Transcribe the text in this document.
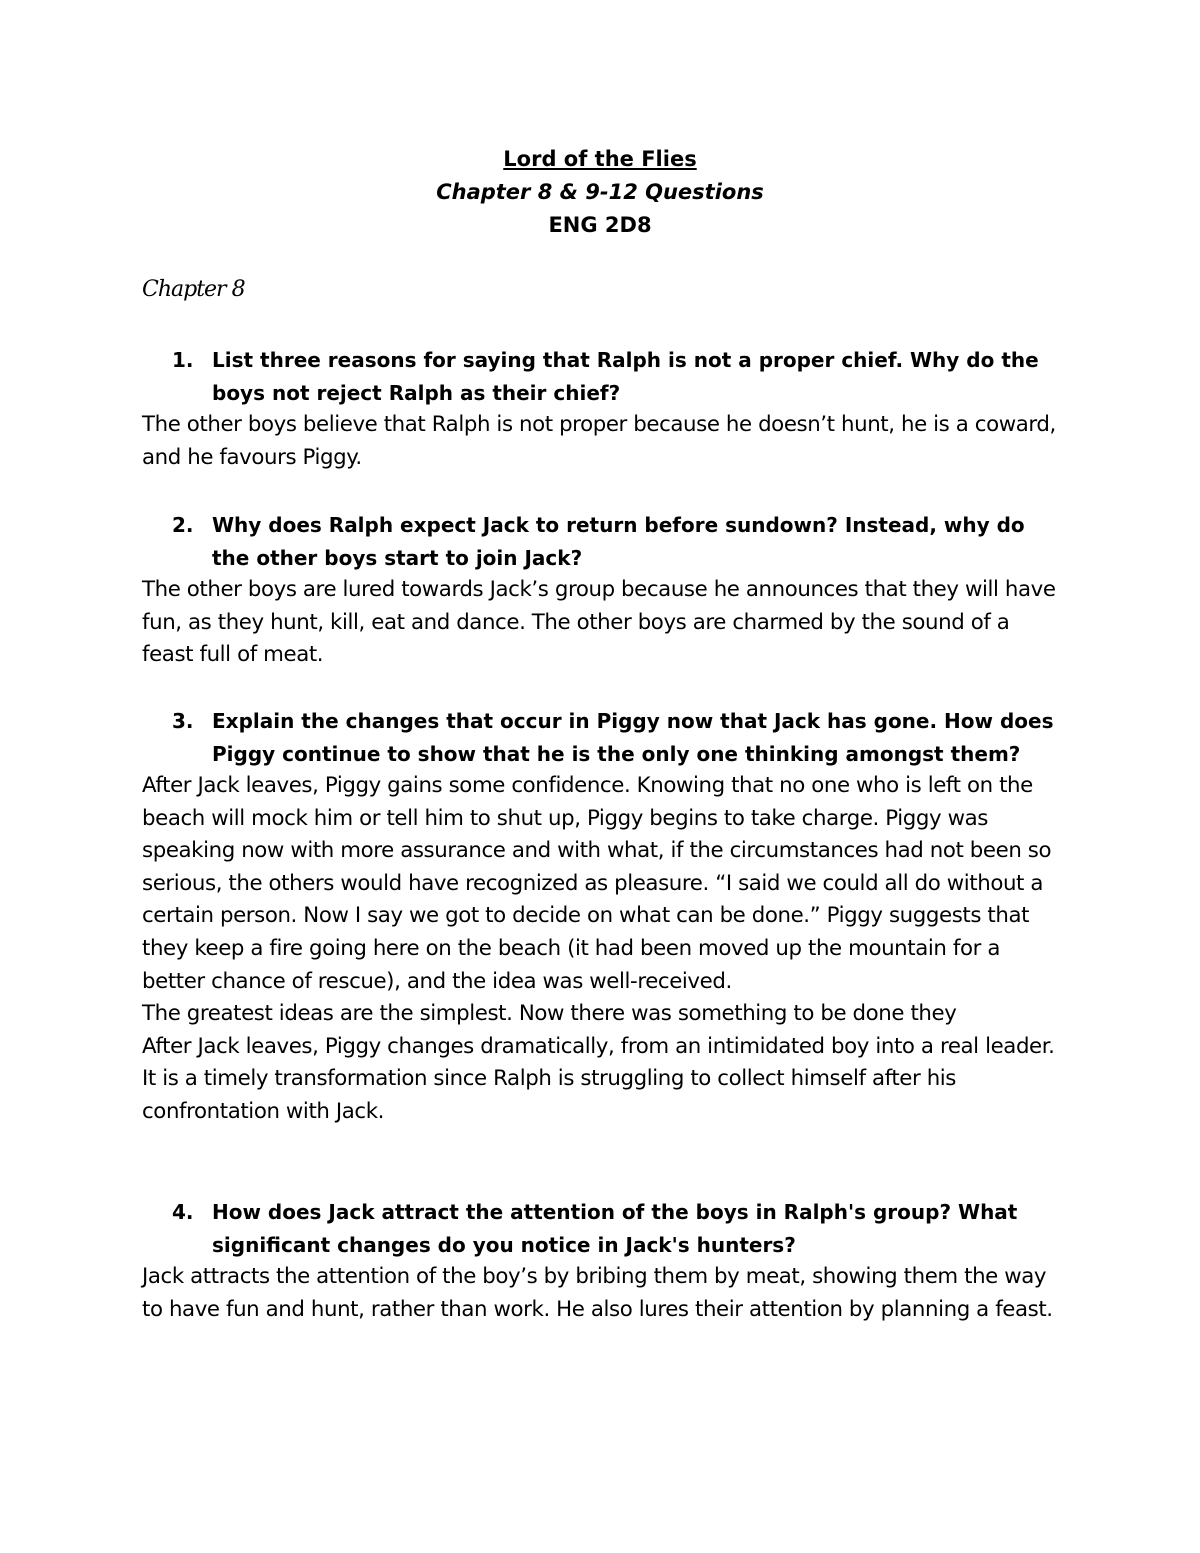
Lord of the Flies
Chapter 8 & 9-12 Questions
ENG 2D8
Chapter 8
1. List three reasons for saying that Ralph is not a proper chief. Why do the boys not reject Ralph as their chief?
The other boys believe that Ralph is not proper because he doesn’t hunt, he is a coward, and he favours Piggy.
2. Why does Ralph expect Jack to return before sundown? Instead, why do the other boys start to join Jack?
The other boys are lured towards Jack’s group because he announces that they will have fun, as they hunt, kill, eat and dance. The other boys are charmed by the sound of a feast full of meat.
3. Explain the changes that occur in Piggy now that Jack has gone. How does Piggy continue to show that he is the only one thinking amongst them?
After Jack leaves, Piggy gains some confidence. Knowing that no one who is left on the beach will mock him or tell him to shut up, Piggy begins to take charge. Piggy was speaking now with more assurance and with what, if the circumstances had not been so serious, the others would have recognized as pleasure. “I said we could all do without a certain person. Now I say we got to decide on what can be done.” Piggy suggests that they keep a fire going here on the beach (it had been moved up the mountain for a better chance of rescue), and the idea was well-received.
The greatest ideas are the simplest. Now there was something to be done they
After Jack leaves, Piggy changes dramatically, from an intimidated boy into a real leader. It is a timely transformation since Ralph is struggling to collect himself after his confrontation with Jack.
4. How does Jack attract the attention of the boys in Ralph's group? What significant changes do you notice in Jack's hunters?
Jack attracts the attention of the boy’s by bribing them by meat, showing them the way to have fun and hunt, rather than work. He also lures their attention by planning a feast.
